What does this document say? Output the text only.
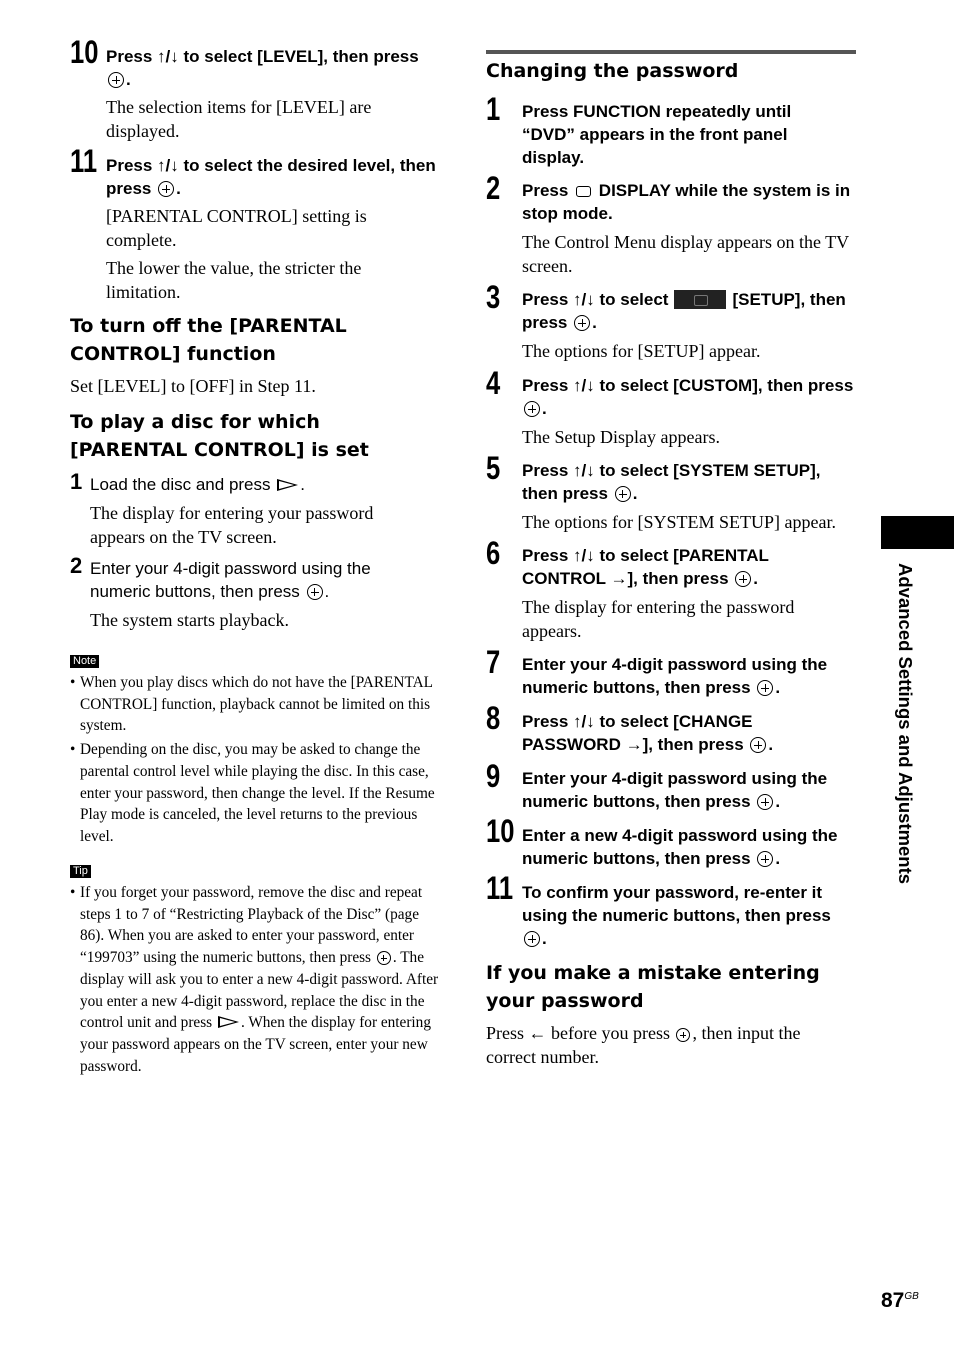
10 Press ↑/↓ to select [LEVEL], then press
.
The selection items for [LEVEL] are displayed.
11 Press ↑/↓ to select the desired level, then press .
[PARENTAL CONTROL] setting is complete.
The lower the value, the stricter the limitation.
To turn off the [PARENTAL CONTROL] function
Set [LEVEL] to [OFF] in Step 11.
To play a disc for which [PARENTAL CONTROL] is set
1 Load the disc and press .
The display for entering your password appears on the TV screen.
2 Enter your 4-digit password using the numeric buttons, then press .
The system starts playback.
Note
• When you play discs which do not have the [PARENTAL CONTROL] function, playback cannot be limited on this system.
• Depending on the disc, you may be asked to change the parental control level while playing the disc. In this case, enter your password, then change the level. If the Resume Play mode is canceled, the level returns to the previous level.
Tip
• If you forget your password, remove the disc and repeat steps 1 to 7 of “Restricting Playback of the Disc” (page 86). When you are asked to enter your password, enter “199703” using the numeric buttons, then press . The display will ask you to enter a new 4-digit password. After you enter a new 4-digit password, replace the disc in the control unit and press . When the display for entering your password appears on the TV screen, enter your new password.
Changing the password
1 Press FUNCTION repeatedly until “DVD” appears in the front panel display.
2 Press DISPLAY while the system is in stop mode.
The Control Menu display appears on the TV screen.
3 Press ↑/↓ to select	[SETUP], then press .
The options for [SETUP] appear.
4 Press ↑/↓ to select [CUSTOM], then press .
The Setup Display appears.
5 Press ↑/↓ to select [SYSTEM SETUP], then press .
The options for [SYSTEM SETUP] appear.
6 Press ↑/↓ to select [PARENTAL CONTROL →], then press .
The display for entering the password appears.
7 Enter your 4-digit password using the numeric buttons, then press .
8 Press ↑/↓ to select [CHANGE PASSWORD →], then press .
9 Enter your 4-digit password using the numeric buttons, then press .
10 Enter a new 4-digit password using the numeric buttons, then press .
11 To confirm your password, re-enter it using the numeric buttons, then press
.
If you make a mistake entering your password
Press ← before you press , then input the correct number.
Advanced Settings and Adjustments
$87^{GB}$
